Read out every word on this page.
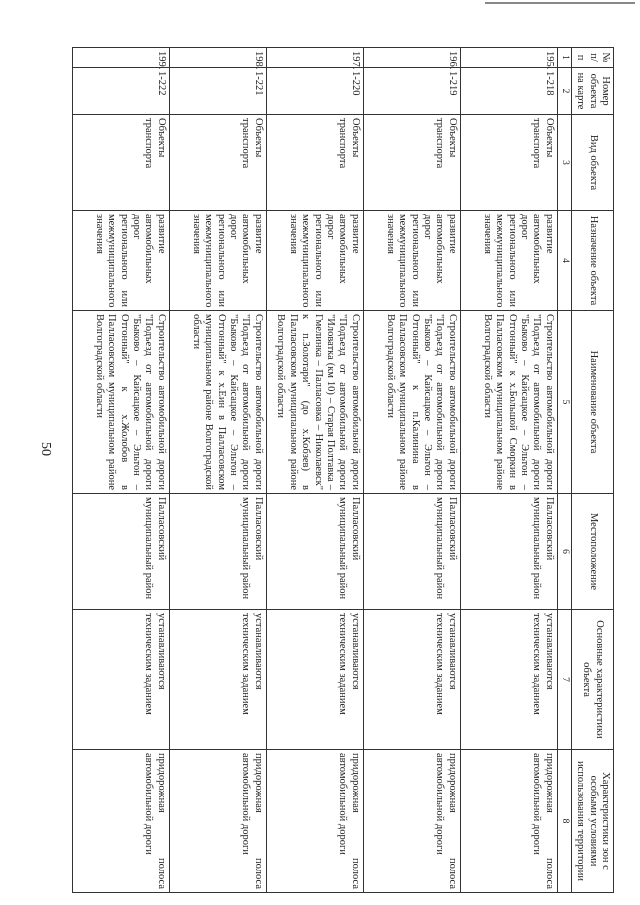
50
№ п/п	Номер объекта на карте	Вид объекта	Назначение объекта	Наименование объекта	Местоположение	Основные характеристики объекта	Характеристики зон с особыми условиями использования территории
1	2	3	4	5	6	7	8
195.	1-218	Объекты транспорта	развитие автомобильных дорог регионального или межмуниципального значения	Строительство автомобильной дороги "Подъезд от автомобильной дороги "Быково – Кайсацкое – Эльтон – Отгонный" к х.Большой Сморкин в Палласовском муниципальном районе Волгоградской области	Палласовский муниципальный район	устанавливаются техническим заданием	придорожная полоса автомобильной дороги
196.	1-219	Объекты транспорта	развитие автомобильных дорог регионального или межмуниципального значения	Строительство автомобильной дороги "Подъезд от автомобильной дороги "Быково – Кайсацкое – Эльтон – Отгонный" к п.Калинина в Палласовском муниципальном районе Волгоградской области	Палласовский муниципальный район	устанавливаются техническим заданием	придорожная полоса автомобильной дороги
197.	1-220	Объекты транспорта	развитие автомобильных дорог регионального или межмуниципального значения	Строительство автомобильной дороги "Подъезд от автомобильной дороги "Иловатка (км 10) – Старая Полтавка – Гмелинка – Палласовка – Николаевск" к п.Золотари" (до х.Кобзев) в Палласовском муниципальном районе Волгоградской области	Палласовский муниципальный район	устанавливаются техническим заданием	придорожная полоса автомобильной дороги
198.	1-221	Объекты транспорта	развитие автомобильных дорог регионального или межмуниципального значения	Строительство автомобильной дороги "Подъезд от автомобильной дороги "Быково – Кайсацкое – Эльтон – Отгонный" к х.Еин в Палласовском муниципальном районе Волгоградской области	Палласовский муниципальный район	устанавливаются техническим заданием	придорожная полоса автомобильной дороги
199.	1-222	Объекты транспорта	развитие автомобильных дорог регионального или межмуниципального значения	Строительство автомобильной дороги "Подъезд от автомобильной дороги "Быково – Кайсацкое – Эльтон – Отгонный" к х.Жолобов в Палласовском муниципальном районе Волгоградской области	Палласовский муниципальный район	устанавливаются техническим заданием	придорожная полоса автомобильной дороги
